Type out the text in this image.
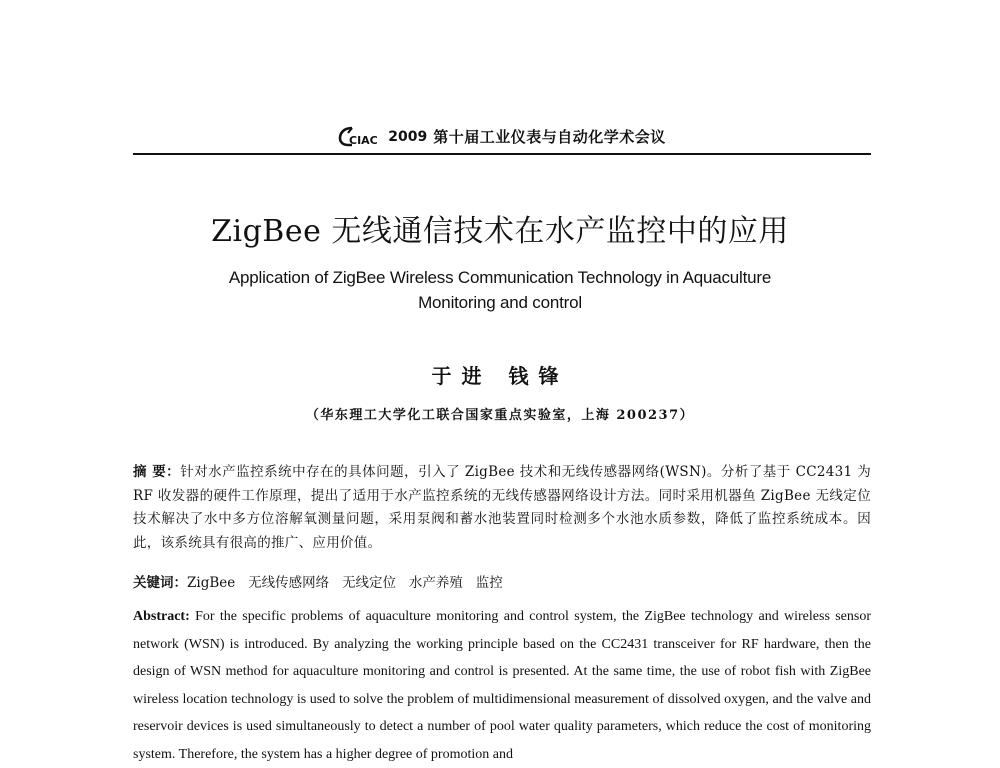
CIAC 2009 第十届工业仪表与自动化学术会议
ZigBee 无线通信技术在水产监控中的应用
Application of ZigBee Wireless Communication Technology in Aquaculture
Monitoring and control
于进 钱锋
（华东理工大学化工联合国家重点实验室，上海 200237）
摘 要：针对水产监控系统中存在的具体问题，引入了 ZigBee 技术和无线传感器网络(WSN)。分析了基于 CC2431 为 RF 收发器的硬件工作原理，提出了适用于水产监控系统的无线传感器网络设计方法。同时采用机器鱼 ZigBee 无线定位技术解决了水中多方位溶解氧测量问题，采用泵阀和蓄水池装置同时检测多个水池水质参数，降低了监控系统成本。因此，该系统具有很高的推广、应用价值。
关键词：ZigBee   无线传感网络   无线定位   水产养殖   监控
Abstract: For the specific problems of aquaculture monitoring and control system, the ZigBee technology and wireless sensor network (WSN) is introduced. By analyzing the working principle based on the CC2431 transceiver for RF hardware, then the design of WSN method for aquaculture monitoring and control is presented. At the same time, the use of robot fish with ZigBee wireless location technology is used to solve the problem of multidimensional measurement of dissolved oxygen, and the valve and reservoir devices is used simultaneously to detect a number of pool water quality parameters, which reduce the cost of monitoring system. Therefore, the system has a higher degree of promotion and
